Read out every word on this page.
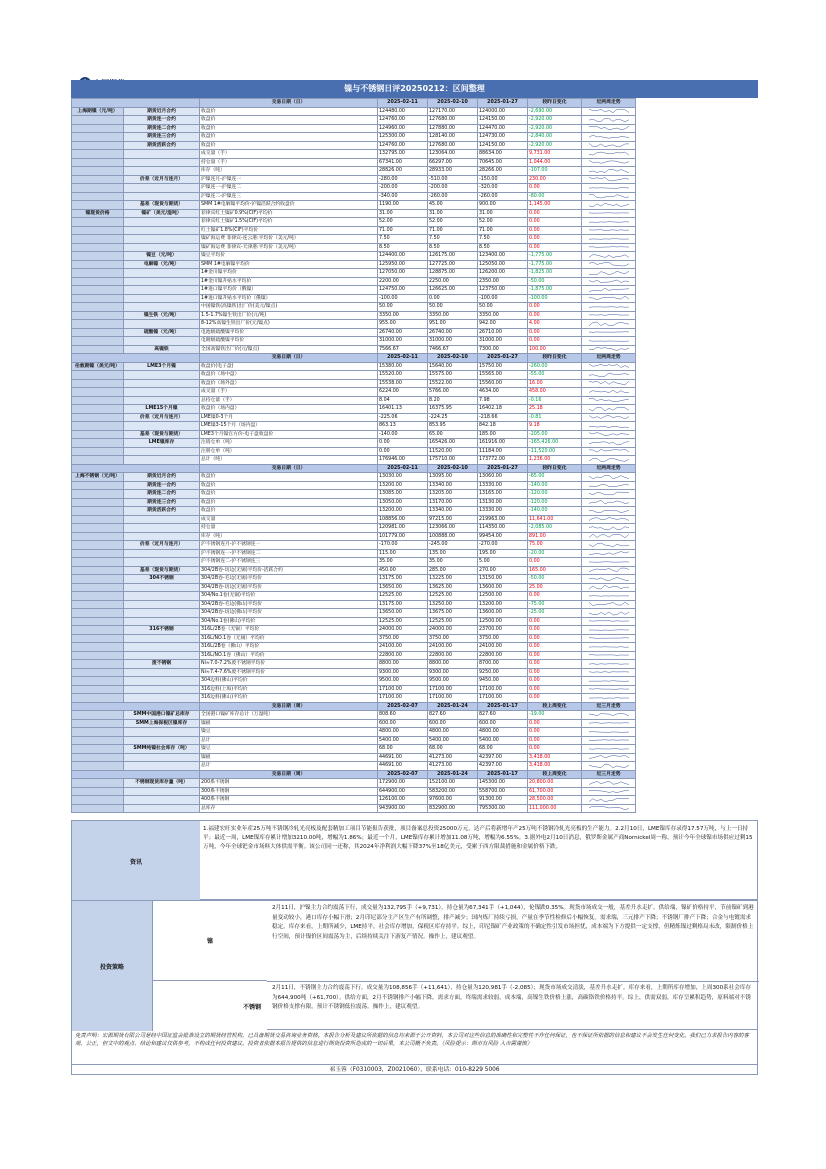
镍与不锈钢日评20250212：区间整理
		交易日期（日）	2025-02-11	2025-02-10	2025-01-27	较昨日变化	近两周走势
上海期镍（元/吨）	期货近月合约	收盘价	124480.00	127170.00	124000.00	-2,690.00	

	期货连一合约	收盘价	124760.00	127680.00	124150.00	-2,920.00	

	期货连二合约	收盘价	124960.00	127880.00	124470.00	-2,920.00	

	期货连三合约	收盘价	125300.00	128140.00	124730.00	-2,840.00	

	期货活跃合约	收盘价	124760.00	127680.00	124150.00	-2,920.00	

		成交量（手）	132795.00	123064.00	88634.00	9,731.00	

		持仓量（手）	67341.00	66297.00	70645.00	1,044.00	

		库存（吨）	28826.00	28933.00	28266.00	-107.00	

	价差（近月与连月）	沪镍连月-沪镍连一	-280.00	-510.00	-150.00	230.00	

		沪镍连一-沪镍连二	-200.00	-200.00	-320.00	0.00	

		沪镍连二-沪镍连三	-340.00	-260.00	-260.00	-80.00	

	基差（现货与期货）	SMM 1#电解镍平均价-沪镍活跃合约收盘价	1190.00	45.00	900.00	1,145.00	

镍现货价格	镍矿（美元/湿吨）	菲律宾红土镍矿0.9%(CIF)平均价	31.00	31.00	31.00	0.00	

		菲律宾红土镍矿1.5%(CIF)平均价	52.00	52.00	52.00	0.00	

		红土镍矿1.8%(CIF)平均价	71.00	71.00	71.00	0.00	

		镍矿海运费 菲律宾-连云港:平均价（美元/吨）	7.50	7.50	7.50	0.00	

		镍矿海运费 菲律宾-天津港:平均价（美元/吨）	8.50	8.50	8.50	0.00	

	镍豆（元/吨）	镍豆平均价	124400.00	126175.00	123400.00	-1,775.00	

	电解镍（元/吨）	SMM 1#电解镍平均价	125950.00	127725.00	125050.00	-1,775.00	

		1#金川镍平均价	127050.00	128875.00	126200.00	-1,825.00	

		1#金川镍升贴水平均价	2200.00	2250.00	2350.00	-50.00	

		1#进口镍平均价（俄镍）	124750.00	126625.00	123750.00	-1,875.00	

		1#进口镍升贴水平均价（俄镍）	-100.00	0.00	-100.00	-100.00	

		中国镍铁(高镍铁)出厂价(美元/镍点)	50.00	50.00	50.00	0.00	

	镍生铁（元/吨）	1.5-1.7%镍生铁出厂价(元/吨)	3350.00	3350.00	3350.00	0.00	

		8-12%高镍生铁出厂价(元/镍点)	955.00	951.00	942.00	4.00	

	硫酸镍（元/吨）	电池级硫酸镍平均价	26740.00	26740.00	26710.00	0.00	

		电镀级硫酸镍平均价	31000.00	31000.00	31000.00	0.00	

	高镍铁	全国高镍铁出厂价(元/镍点)	7566.67	7466.67	7300.00	100.00	

		交易日期（日）	2025-02-11	2025-02-10	2025-01-27	较昨日变化	近两周走势
伦敦期镍（美元/吨）	LME3个月镍	收盘价(电子盘)	15380.00	15640.00	15750.00	-260.00	

		收盘价（场中盘）	15520.00	15575.00	15565.00	-55.00	

		收盘价（场外盘）	15538.00	15522.00	15560.00	16.00	

		成交量（手）	6224.00	5766.00	4634.00	458.00	

		总持仓量（手）	8.04	8.20	7.98	-0.16	

	LME15个月镍	收盘价（场内盘）	16401.13	16375.95	16402.18	25.18	

	价差（近月与连月）	LME镍0-3个月	-225.06	-224.25	-218.66	-0.81	

		LME镍3-15个月（场内盘）	863.13	853.95	842.18	9.18	

	基差（现货与期货）	LME3个月镍官方价-电子盘收盘价	-140.00	65.00	185.00	-205.00	

	LME镍库存	注销仓单（吨）	0.00	165426.00	161916.00	-165,426.00	

		注册仓单（吨）	0.00	11520.00	11184.00	-11,520.00	

		总计（吨）	176946.00	175710.00	173772.00	1,236.00	

		交易日期（日）	2025-02-11	2025-02-10	2025-01-27	较昨日变化	近两周走势
上海不锈钢（元/吨）	期货近月合约	收盘价	13030.00	13095.00	13060.00	-65.00	

	期货连一合约	收盘价	13200.00	13340.00	13330.00	-140.00	

	期货连二合约	收盘价	13085.00	13205.00	13165.00	-120.00	

	期货连三合约	收盘价	13050.00	13170.00	13130.00	-120.00	

	期货活跃合约	收盘价	13200.00	13340.00	13330.00	-140.00	

		成交量	108856.00	97215.00	219963.00	11,641.00	

		持仓量	120981.00	123066.00	114350.00	-2,085.00	

		库存（吨）	101779.00	100888.00	99454.00	891.00	

	价差（近月与连月）	沪不锈钢连月-沪不锈钢连一	-170.00	-245.00	-270.00	75.00	

		沪不锈钢连一-沪不锈钢连二	115.00	135.00	195.00	-20.00	

		沪不锈钢连二-沪不锈钢连三	35.00	35.00	5.00	0.00	

	基差（现货与期货）	304/2B卷-切边(无锡)平均价-活跃合约	450.00	285.00	270.00	165.00	

	304不锈钢	304/2B卷-毛边(无锡)平均价	13175.00	13225.00	13150.00	-50.00	

		304/2B卷-切边(无锡)平均价	13650.00	13625.00	13600.00	25.00	

		304/No.1卷(无锡)平均价	12525.00	12525.00	12500.00	0.00	

		304/2B卷-毛边(佛山)平均价	13175.00	13250.00	13200.00	-75.00	

		304/2B卷-切边(佛山)平均价	13650.00	13675.00	13600.00	-25.00	

		304/No.1卷(佛山)平均价	12525.00	12525.00	12500.00	0.00	

	316不锈钢	316L/2B卷（无锡）平均价	24000.00	24000.00	23700.00	0.00	

		316L/NO.1卷（无锡）平均价	3750.00	3750.00	3750.00	0.00	

		316L/2B卷（佛山）平均价	24100.00	24100.00	24100.00	0.00	

		316L/NO.1卷（佛山）平均价	22800.00	22800.00	22800.00	0.00	

	废不锈钢	Ni≈7.0-7.2%废不锈钢平均价	8800.00	8800.00	8700.00	0.00	

		Ni≈7.4-7.6%废不锈钢平均价	9300.00	9300.00	9250.00	0.00	

		304边料(佛山)平均价	9500.00	9500.00	9450.00	0.00	

		316边料(上海)平均价	17100.00	17100.00	17100.00	0.00	

		316边料(佛山)平均价	17100.00	17100.00	17100.00	0.00	

		交易日期（周）	2025-02-07	2025-01-24	2025-01-17	较上周变化	近三月走势
	SMM中国港口镍矿总库存	全国港口镍矿库存总计（万湿吨）	808.60	827.60	827.60	-19.00	

	SMM上海保税区镍库存	镍板	600.00	600.00	600.00	0.00	

		镍豆	4800.00	4800.00	4800.00	0.00	

		总计	5400.00	5400.00	5400.00	0.00	

	SMM纯镍社会库存（吨）	镍豆	68.00	68.00	68.00	0.00	

		镍板	44691.00	41273.00	42397.00	3,418.00	

		总计	44691.00	41273.00	42397.00	3,418.00	

		交易日期（周）	2025-02-07	2025-01-24	2025-01-17	较上周变化	近三月走势
	不锈钢现货库存量（吨）	200系不锈钢	172900.00	152100.00	145300.00	20,800.00	

		300系不锈钢	644900.00	583200.00	558700.00	61,700.00	

		400系不锈钢	126100.00	97600.00	91300.00	28,500.00	

		总库存	943900.00	832900.00	795300.00	111,000.00	
资讯
1.福建宏旺实业年産25万吨不锈钢冷轧光亮板及配套精加工项目节能报告获批，项目备案总投资25000万元，达产后将新增年产25万吨不锈钢冷轧光亮板的生产能力。2.2月10日，LME镍库存录得17.57万吨，与上一日持平；最近一周，LME镍库存累计增加3210.00吨，增幅为1.86%；最近一个月，LME镍库存累计增加11.08万吨，增幅为6.55%。3.据外电2月10日消息，俄罗斯金属产商Nornickel周一称，预计今年全球镍市场供应过剩15万吨，今年全球钯金市场料大体供需平衡。该公司同一还称，其2024年净利润大幅下降37%至18亿美元，受累于西方限裁措施和金属价格下跌。
投资策略
镍
不锈钢
2月11日，沪镍主力合约震荡下行，成交量为132,795手（+9,731），持仓量为67,341手（+1,044），伦镍跌0.35%。现货市场成交一般，基差升水走扩。供给端，镍矿价格持平，节前镍矿到港量变动较小，港口库存小幅下滑；2月印尼部分主产区生产有所调整，排产减少；国内炼厂持续亏损，产量在季节性检修后小幅恢复。需求端，三元排产下降；不锈钢厂排产下降；合金与电镀需求稳定。库存来看，上期所减少，LME持平，社会库存增加，保税区库存持平。综上，印尼镍矿产业政策的不确定性引发市场担忧，成本端为下方提供一定支撑，但精炼镍过剩格局未改，限制价格上行空间，预计镍价区间震荡为主，后续持续关注下游复产情况。操作上，建议观望。
2月11日，不锈钢主力合约震荡下行，成交量为108,856手（+11,641），持仓量为120,981手（-2,085）；现货市场成交清淡，基差升水走扩。库存来看，上期所库存增加，上周300系社会库存为644,900吨（+61,700）。供给方面，2月不锈钢排产小幅下降，需求方面，终端需求较弱，成本端，高镍生铁价格上涨，高碳铬铁价格持平。综上，供需双弱，库存呈累积趋势，原料端对不锈钢价格支撑有限，预计不锈钢低位震荡。操作上，建议观望。
免责声明：宏源期货有限公司是经中国证监会批准设立的期货经营机构，已具备期货交易咨询业务资格。本报告分析及建议所依据的信息均来源于公开资料，本公司对这些信息的准确性和完整性不作任何保证，也不保证所依据的信息和建议不会发生任何变化。我们已力求报告内容的客观、公正，但文中的观点、结论和建议仅供参考，不构成任何投资建议。投资者依据本报告提供的信息进行期货投资所造成的一切后果，本公司概不负责。（风险提示：期市有风险 入市需谨慎）
祁玉蓉（F0310003，Z0021060），联系电话：010-8229 5006
